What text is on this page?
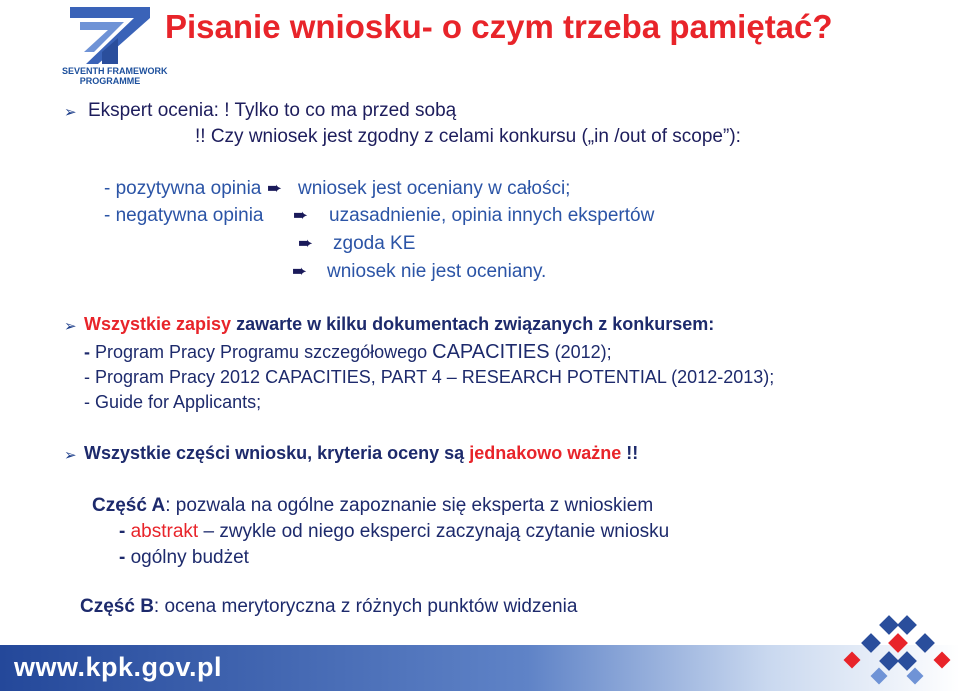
SEVENTH FRAMEWORK
PROGRAMME
Pisanie wniosku- o czym trzeba pamiętać?
➢ Ekspert ocenia: ! Tylko to co ma przed sobą
!! Czy wniosek jest zgodny z celami konkursu („in /out of scope”):
- pozytywna opinia ➨ wniosek jest oceniany w całości;
- negatywna opinia ➨ uzasadnienie, opinia innych ekspertów
➨ zgoda KE
➨ wniosek nie jest oceniany.
➢ Wszystkie zapisy zawarte w kilku dokumentach związanych z konkursem:
- Program Pracy Programu szczegółowego CAPACITIES (2012);
- Program Pracy 2012 CAPACITIES, PART 4 – RESEARCH POTENTIAL (2012-2013);
- Guide for Applicants;
➢ Wszystkie części wniosku, kryteria oceny są jednakowo ważne !!
Część A: pozwala na ogólne zapoznanie się eksperta z wnioskiem
- abstrakt – zwykle od niego eksperci zaczynają czytanie wniosku
- ogólny budżet
Część B: ocena merytoryczna z różnych punktów widzenia
www.kpk.gov.pl
